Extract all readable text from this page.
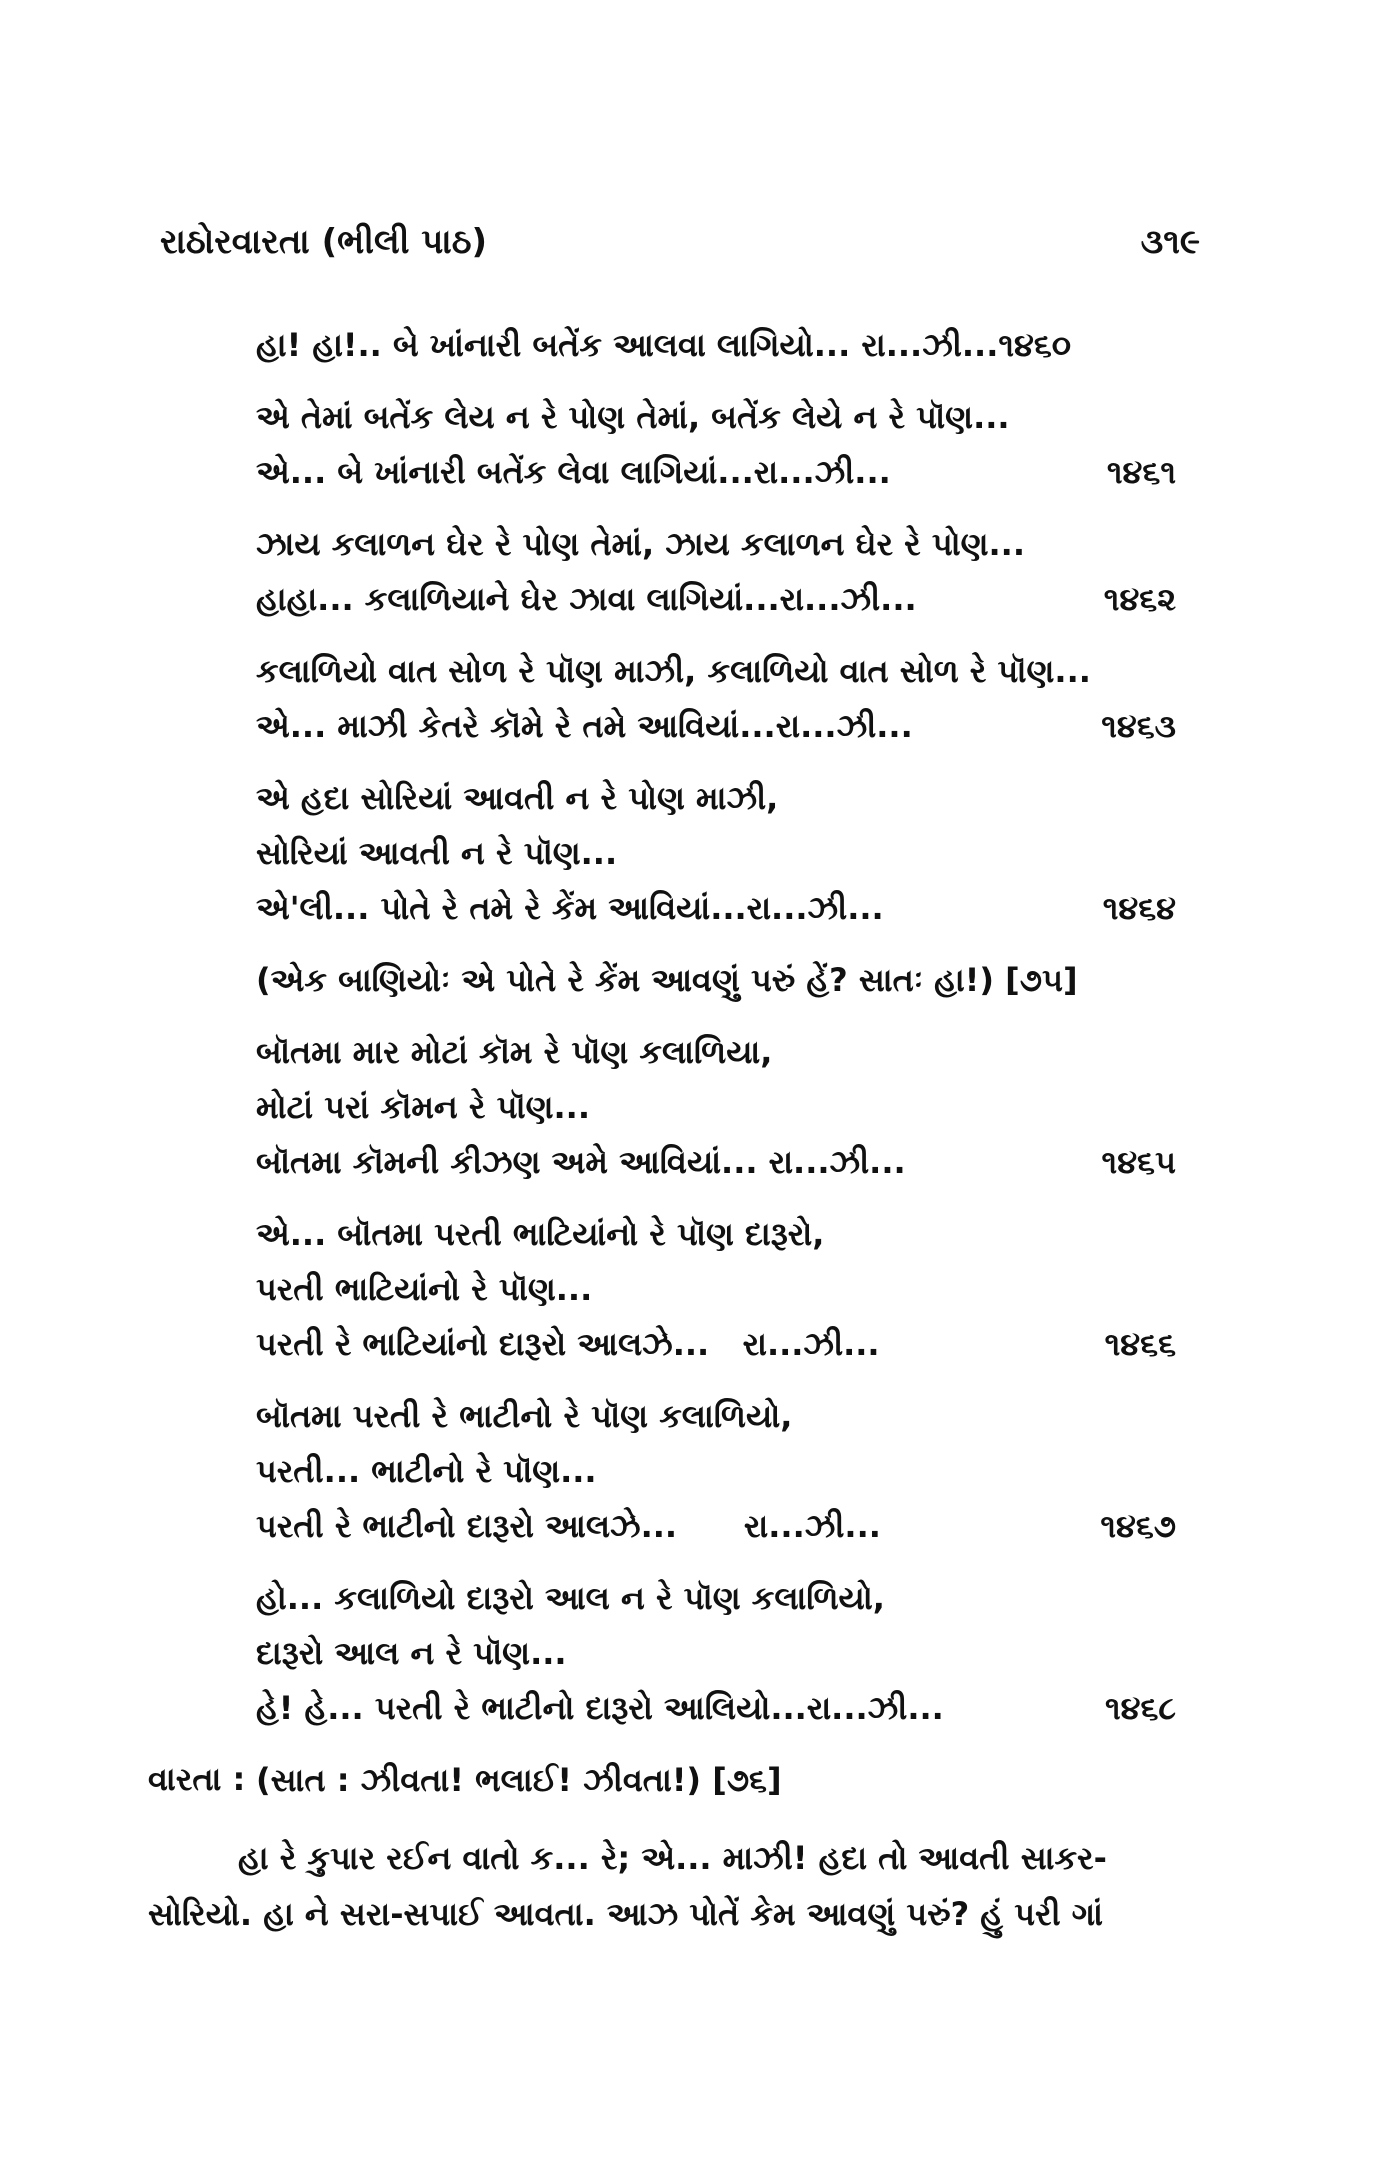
રાઠોરવારતા (ભીલી પાઠ)	૩૧૯
હા! હા!.. બે ખાંનારી બતેંક આલવા લાગિયો... રા...ઝી...૧૪૬૦
એ તેમાં બતેંક લેય ન રે પોણ તેમાં, બતેંક લેયે ન રે પૉણ...
એ... બે ખાંનારી બતેંક લેવા લાગિયાં...રા...ઝી...	૧૪૬૧
ઝાય કલાળન ઘેર રે પોણ તેમાં, ઝાય કલાળન ઘેર રે પોણ...
હાહા... કલાળિયાને ઘેર ઝાવા લાગિયાં...રા...ઝી...	૧૪૬૨
કલાળિયો વાત સોળ રે પૉણ માઝી, કલાળિયો વાત સોળ રે પૉણ...
એ... માઝી કેતરે કૉમે રે તમે આવિયાં...રા...ઝી...	૧૪૬૩
એ હદા સોરિયાં આવતી ન રે પોણ માઝી,
સોરિયાં આવતી ન રે પૉણ...
એ'લી... પોતે રે તમે રે કેંમ આવિયાં...રા...ઝી...	૧૪૬૪
(એક બાણિયોઃ એ પોતે રે કેંમ આવણું પરું હેં? સાતઃ હા!) [૭૫]
બૉતમા માર મોટાં કૉમ રે પૉણ કલાળિયા,
મોટાં પરાં કૉમન રે પૉણ...
બૉતમા કૉમની કીઝણ અમે આવિયાં... રા...ઝી...	૧૪૬૫
એ... બૉતમા પરતી ભાટિયાંનો રે પૉણ દારૂરો,
પરતી ભાટિયાંનો રે પૉણ...
પરતી રે ભાટિયાંનો દારૂરો આલઝે...   રા...ઝી...	૧૪૬૬
બૉતમા પરતી રે ભાટીનો રે પૉણ કલાળિયો,
પરતી... ભાટીનો રે પૉણ...
પરતી રે ભાટીનો દારૂરો આલઝે...      રા...ઝી...	૧૪૬૭
હો... કલાળિયો દારૂરો આલ ન રે પૉણ કલાળિયો,
દારૂરો આલ ન રે પૉણ...
હે! હે... પરતી રે ભાટીનો દારૂરો આલિયો...રા...ઝી...	૧૪૬૮
(સાત : ઝીવતા! ભલાઈ! ઝીવતા!) [૭૬]
વારતા :
હા રે કુપાર રઈન વાતો ક... રે; એ... માઝી! હદા તો આવતી સાકર-
સોરિયો. હા ને સરા-સપાઈ આવતા. આઝ પોતેં કેમ આવણું પરું? હું પરી ગાં
